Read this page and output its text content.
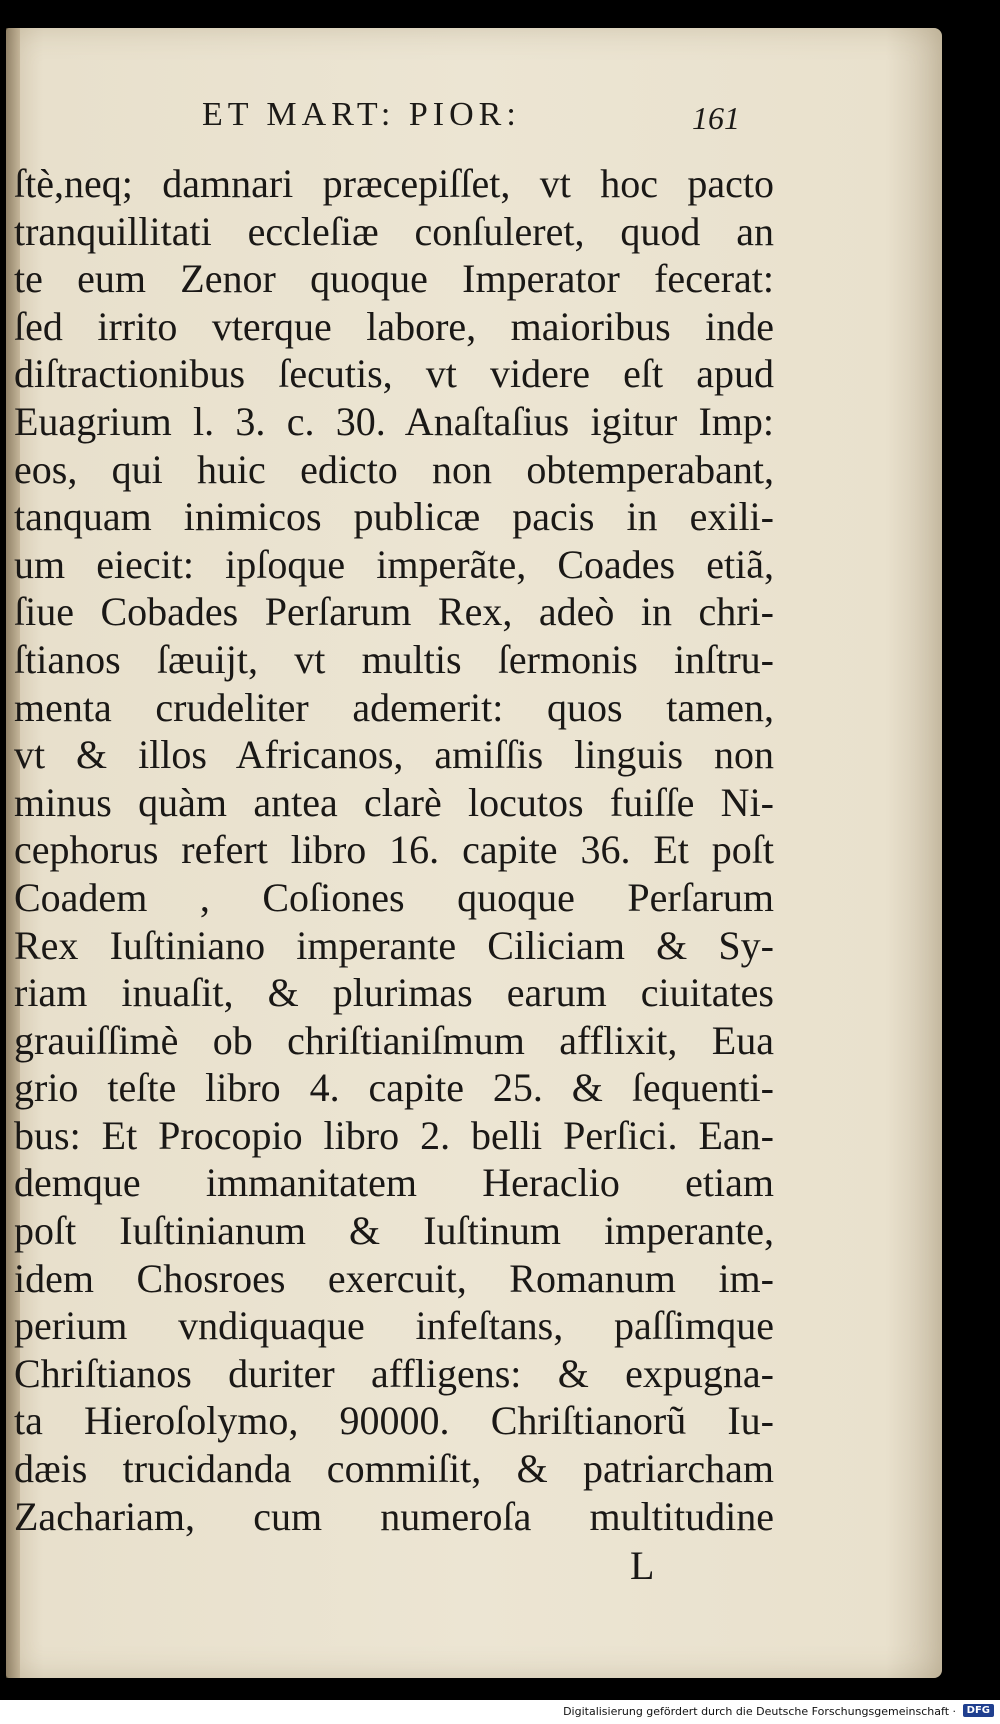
ET MART: PIOR:	161
ſtè,neq; damnari præcepiſſet, vt hoc pacto
tranquillitati eccleſiæ conſuleret, quod an
te eum Zenor quoque Imperator fecerat:
ſed irrito vterque labore, maioribus inde
diſtractionibus ſecutis, vt videre eſt apud
Euagrium l. 3. c. 30. Anaſtaſius igitur Imp:
eos, qui huic edicto non obtemperabant,
tanquam inimicos publicæ pacis in exili-
um eiecit: ipſoque imperãte, Coades etiã,
ſiue Cobades Perſarum Rex, adeò in chri-
ſtianos ſæuijt, vt multis ſermonis inſtru-
menta crudeliter ademerit: quos tamen,
vt & illos Africanos, amiſſis linguis non
minus quàm antea clarè locutos fuiſſe Ni-
cephorus refert libro 16. capite 36. Et poſt
Coadem , Coſiones quoque Perſarum
Rex Iuſtiniano imperante Ciliciam & Sy-
riam inuaſit, & plurimas earum ciuitates
grauiſſimè ob chriſtianiſmum afflixit, Eua
grio teſte libro 4. capite 25. & ſequenti-
bus: Et Procopio libro 2. belli Perſici. Ean-
demque immanitatem Heraclio etiam
poſt Iuſtinianum & Iuſtinum imperante,
idem Chosroes exercuit, Romanum im-
perium vndiquaque infeſtans, paſſimque
Chriſtianos duriter affligens: & expugna-
ta Hieroſolymo, 90000. Chriſtianorũ Iu-
dæis trucidanda commiſit, & patriarcham
Zachariam, cum numeroſa multitudine
L
Digitalisierung gefördert durch die Deutsche Forschungsgemeinschaft ·	DFG
